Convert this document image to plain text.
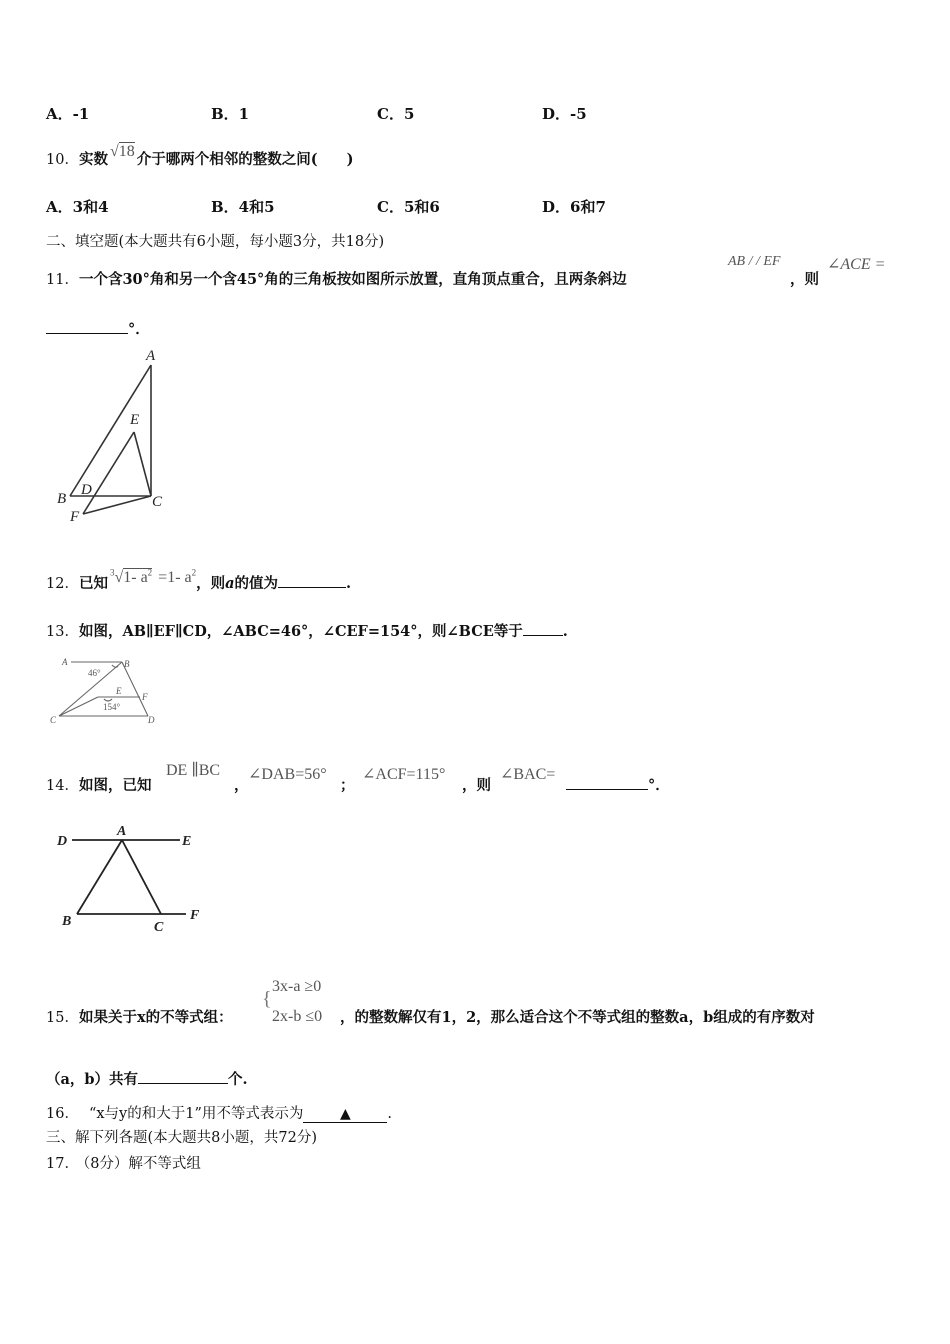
A．-1	B．1	C．5	D．-5
10．实数 √18 介于哪两个相邻的整数之间(　　)
A．3和4	B．4和5	C．5和6	D．6和7
二、填空题(本大题共有6小题，每小题3分，共18分)
11．一个含30°角和另一个含45°角的三角板按如图所示放置，直角顶点重合，且两条斜边
AB / / EF
，则
∠ACE =
°．
A
E
B
D
C
F
12．已知$^3$√1- $a^2 =1-$ $a^2$，则a的值为	.
13．如图，AB∥EF∥CD，∠ABC=46°，∠CEF=154°，则∠BCE等于	.
A	B
46°
E
F
154°
C	D
14．如图，已知
DE ∥BC
，
∠DAB=56°
；
∠ACF=115°
，则
∠BAC=
°．
D
A
E
B	C
F
15．如果关于x的不等式组：
{
3x-a ≥0
2x-b ≤0 ，的整数解仅有1，2，那么适合这个不等式组的整数a，b组成的有序数对
（a，b）共有	个.
16． “x与y的和大于1”用不等式表示为	▲	.
三、解下列各题(本大题共8小题，共72分)
17． （8分）解不等式组
